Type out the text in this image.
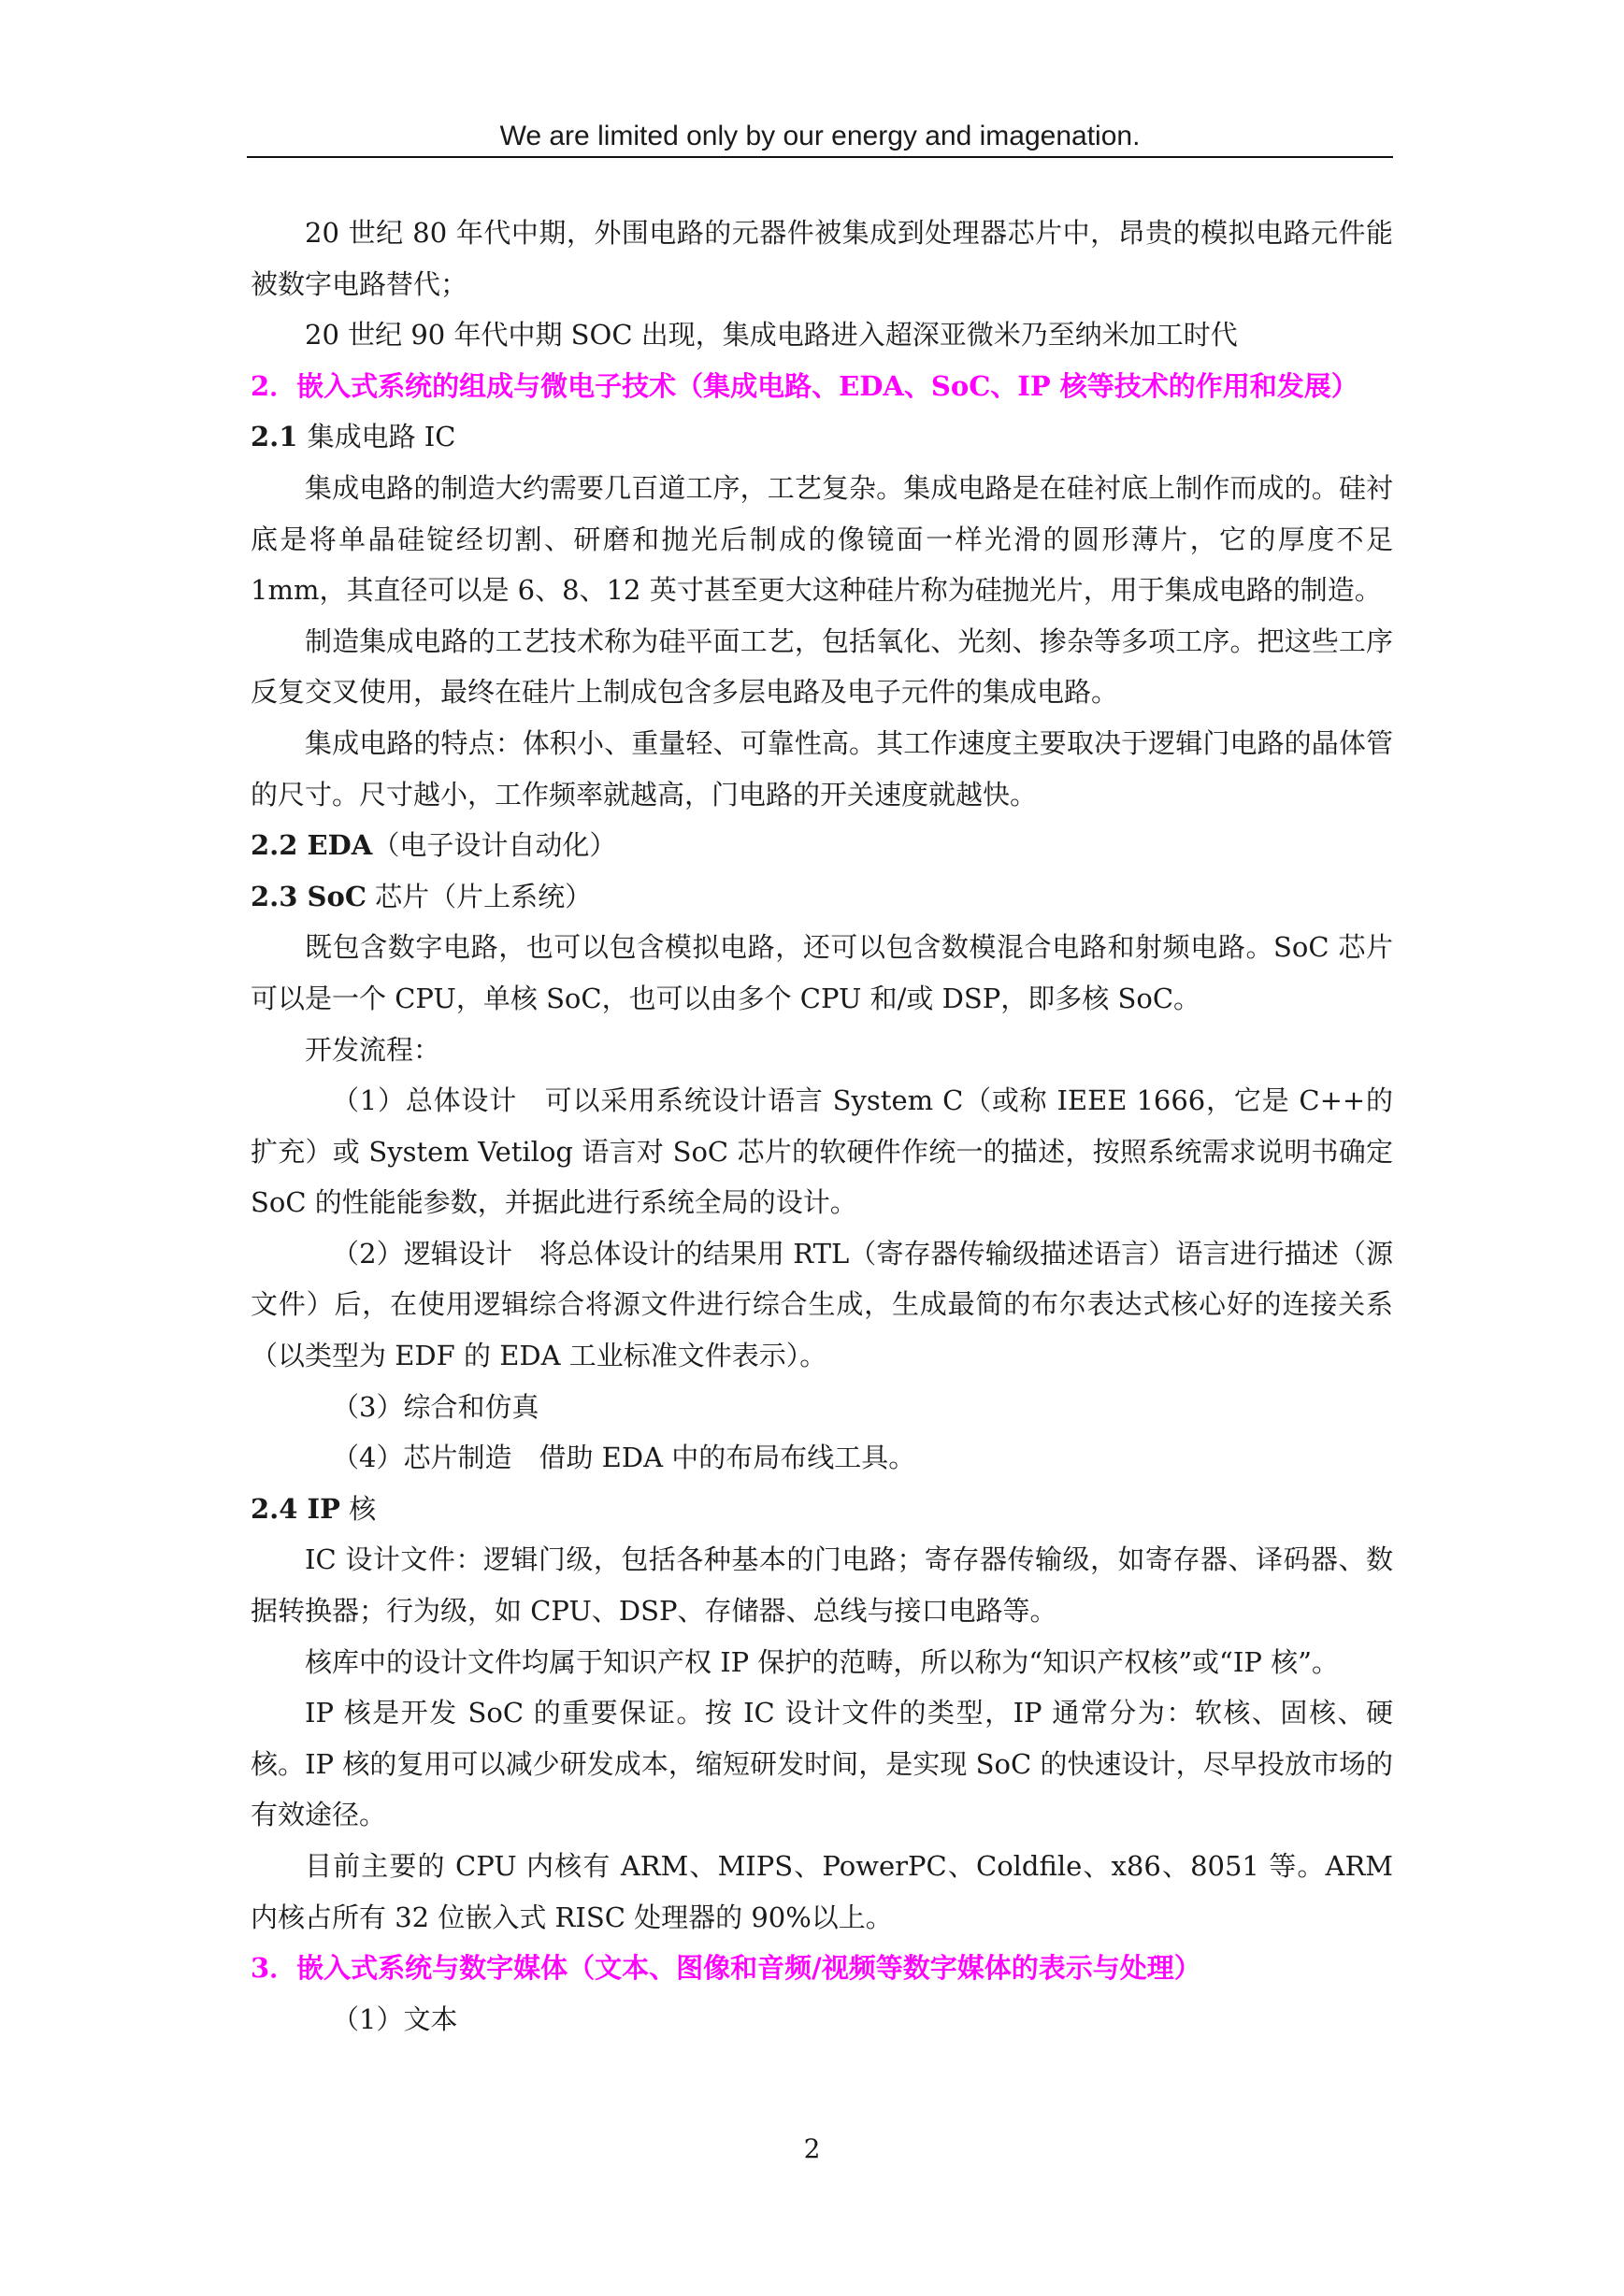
We are limited only by our energy and imagenation.

20 世纪 80 年代中期，外围电路的元器件被集成到处理器芯片中，昂贵的模拟电路元件能被数字电路替代；

20 世纪 90 年代中期 SOC 出现，集成电路进入超深亚微米乃至纳米加工时代

2．嵌入式系统的组成与微电子技术（集成电路、EDA、SoC、IP 核等技术的作用和发展）

2.1 集成电路 IC

集成电路的制造大约需要几百道工序，工艺复杂。集成电路是在硅衬底上制作而成的。硅衬底是将单晶硅锭经切割、研磨和抛光后制成的像镜面一样光滑的圆形薄片，它的厚度不足 1mm，其直径可以是 6、8、12 英寸甚至更大这种硅片称为硅抛光片，用于集成电路的制造。

制造集成电路的工艺技术称为硅平面工艺，包括氧化、光刻、掺杂等多项工序。把这些工序反复交叉使用，最终在硅片上制成包含多层电路及电子元件的集成电路。

集成电路的特点：体积小、重量轻、可靠性高。其工作速度主要取决于逻辑门电路的晶体管的尺寸。尺寸越小，工作频率就越高，门电路的开关速度就越快。

2.2 EDA（电子设计自动化）

2.3 SoC 芯片（片上系统）

既包含数字电路，也可以包含模拟电路，还可以包含数模混合电路和射频电路。SoC 芯片可以是一个 CPU，单核 SoC，也可以由多个 CPU 和/或 DSP，即多核 SoC。

开发流程：

（1）总体设计　可以采用系统设计语言 System C（或称 IEEE 1666，它是 C++的扩充）或 System Vetilog 语言对 SoC 芯片的软硬件作统一的描述，按照系统需求说明书确定 SoC 的性能能参数，并据此进行系统全局的设计。

（2）逻辑设计　将总体设计的结果用 RTL（寄存器传输级描述语言）语言进行描述（源文件）后，在使用逻辑综合将源文件进行综合生成，生成最简的布尔表达式核心好的连接关系（以类型为 EDF 的 EDA 工业标准文件表示）。

（3）综合和仿真

（4）芯片制造　借助 EDA 中的布局布线工具。

2.4 IP 核

IC 设计文件：逻辑门级，包括各种基本的门电路；寄存器传输级，如寄存器、译码器、数据转换器；行为级，如 CPU、DSP、存储器、总线与接口电路等。

核库中的设计文件均属于知识产权 IP 保护的范畴，所以称为“知识产权核”或“IP 核”。

IP 核是开发 SoC 的重要保证。按 IC 设计文件的类型，IP 通常分为：软核、固核、硬核。IP 核的复用可以减少研发成本，缩短研发时间，是实现 SoC 的快速设计，尽早投放市场的有效途径。

目前主要的 CPU 内核有 ARM、MIPS、PowerPC、Coldfile、x86、8051 等。ARM 内核占所有 32 位嵌入式 RISC 处理器的 90%以上。

3．嵌入式系统与数字媒体（文本、图像和音频/视频等数字媒体的表示与处理）

（1）文本

2
